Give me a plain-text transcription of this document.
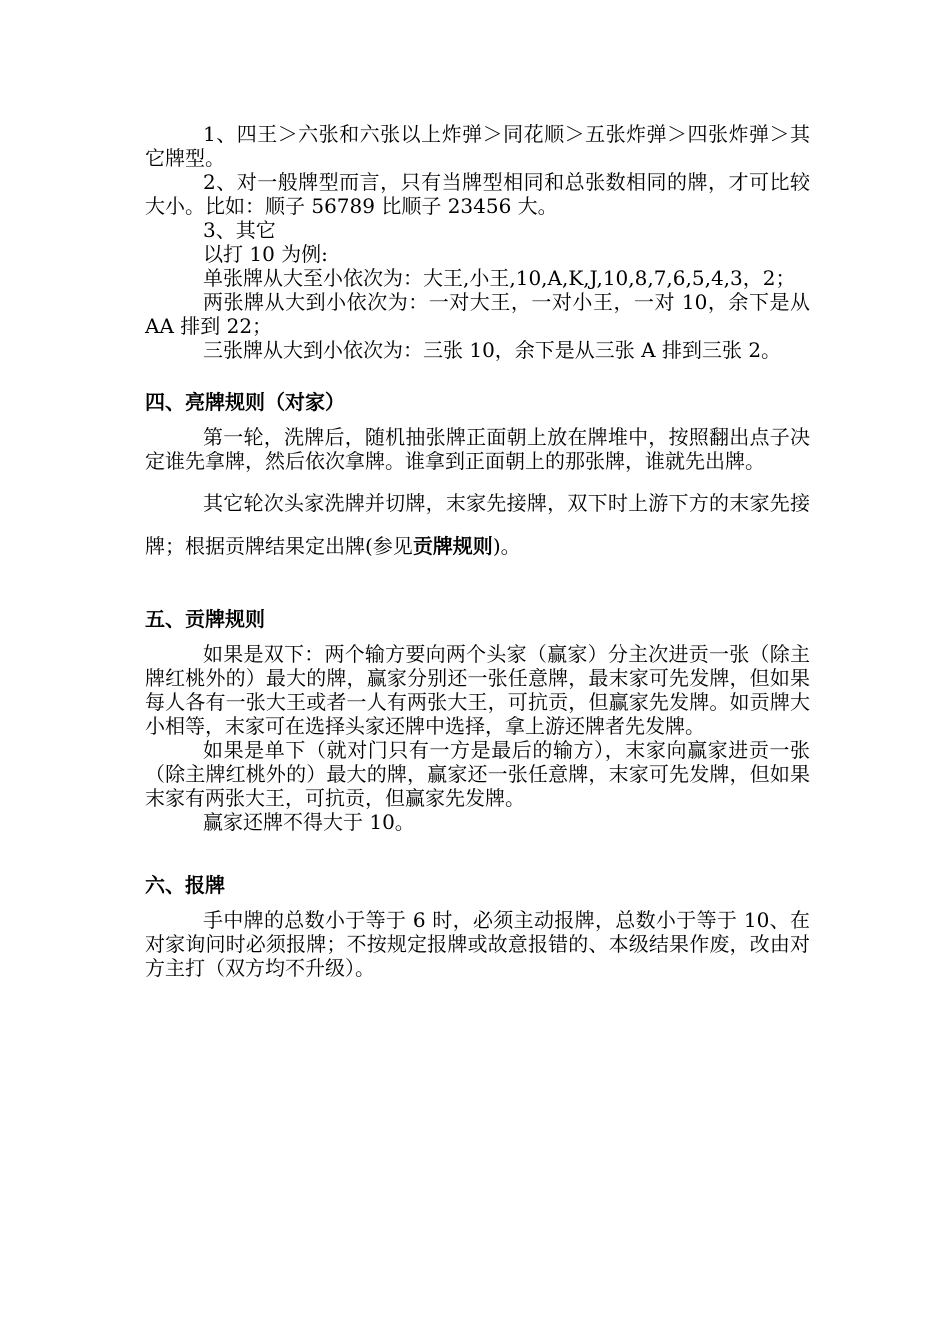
1、四王＞六张和六张以上炸弹＞同花顺＞五张炸弹＞四张炸弹＞其它牌型。

2、对一般牌型而言，只有当牌型相同和总张数相同的牌，才可比较大小。比如：顺子 56789 比顺子 23456 大。

3、其它

以打 10 为例:

单张牌从大至小依次为：大王,小王,10,A,K,J,10,8,7,6,5,4,3，2；

两张牌从大到小依次为：一对大王，一对小王，一对 10，余下是从 AA 排到 22；

三张牌从大到小依次为：三张 10，余下是从三张 A 排到三张 2。

四、亮牌规则（对家）

第一轮，洗牌后，随机抽张牌正面朝上放在牌堆中，按照翻出点子决定谁先拿牌，然后依次拿牌。谁拿到正面朝上的那张牌，谁就先出牌。

其它轮次头家洗牌并切牌，末家先接牌，双下时上游下方的末家先接牌；根据贡牌结果定出牌(参见贡牌规则)。

五、贡牌规则

如果是双下：两个输方要向两个头家（赢家）分主次进贡一张（除主牌红桃外的）最大的牌，赢家分别还一张任意牌，最末家可先发牌，但如果每人各有一张大王或者一人有两张大王，可抗贡，但赢家先发牌。如贡牌大小相等，末家可在选择头家还牌中选择，拿上游还牌者先发牌。

如果是单下（就对门只有一方是最后的输方），末家向赢家进贡一张（除主牌红桃外的）最大的牌，赢家还一张任意牌，末家可先发牌，但如果末家有两张大王，可抗贡，但赢家先发牌。

赢家还牌不得大于 10。

六、报牌

手中牌的总数小于等于 6 时，必须主动报牌，总数小于等于 10、在对家询问时必须报牌；不按规定报牌或故意报错的、本级结果作废，改由对方主打（双方均不升级）。
